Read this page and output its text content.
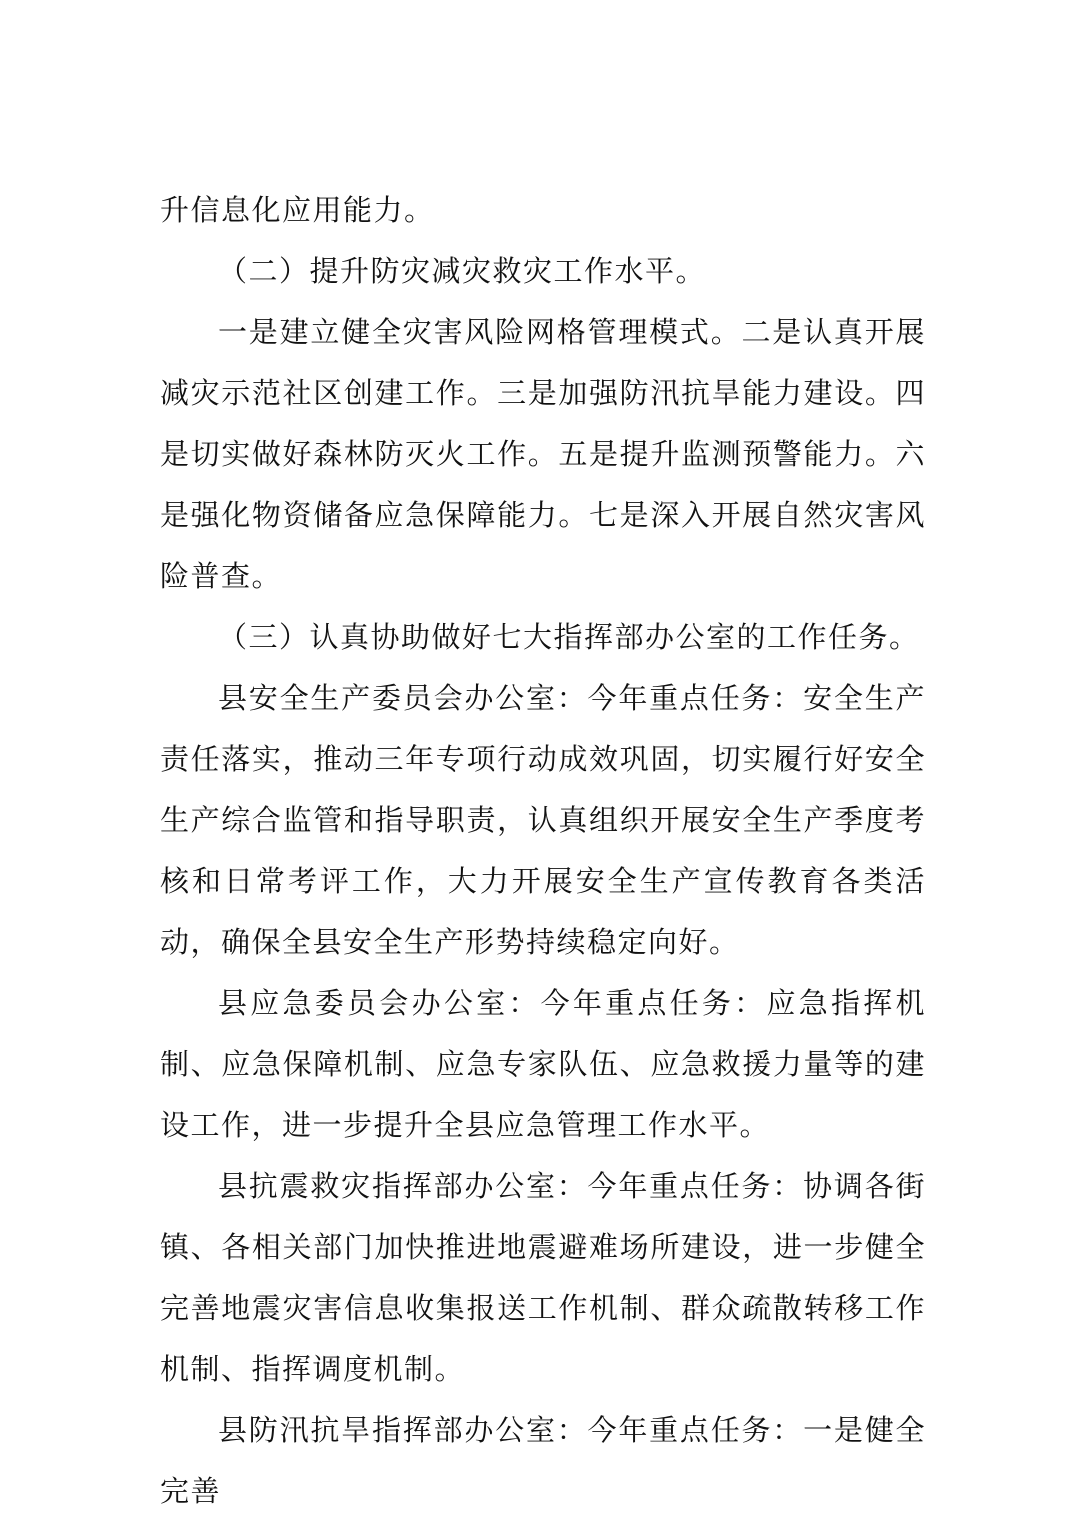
升信息化应用能力。

（二）提升防灾减灾救灾工作水平。

一是建立健全灾害风险网格管理模式。二是认真开展减灾示范社区创建工作。三是加强防汛抗旱能力建设。四是切实做好森林防灭火工作。五是提升监测预警能力。六是强化物资储备应急保障能力。七是深入开展自然灾害风险普查。

（三）认真协助做好七大指挥部办公室的工作任务。

县安全生产委员会办公室：今年重点任务：安全生产责任落实，推动三年专项行动成效巩固，切实履行好安全生产综合监管和指导职责，认真组织开展安全生产季度考核和日常考评工作，大力开展安全生产宣传教育各类活动，确保全县安全生产形势持续稳定向好。

县应急委员会办公室：今年重点任务：应急指挥机制、应急保障机制、应急专家队伍、应急救援力量等的建设工作，进一步提升全县应急管理工作水平。

县抗震救灾指挥部办公室：今年重点任务：协调各街镇、各相关部门加快推进地震避难场所建设，进一步健全完善地震灾害信息收集报送工作机制、群众疏散转移工作机制、指挥调度机制。

县防汛抗旱指挥部办公室：今年重点任务：一是健全完善
